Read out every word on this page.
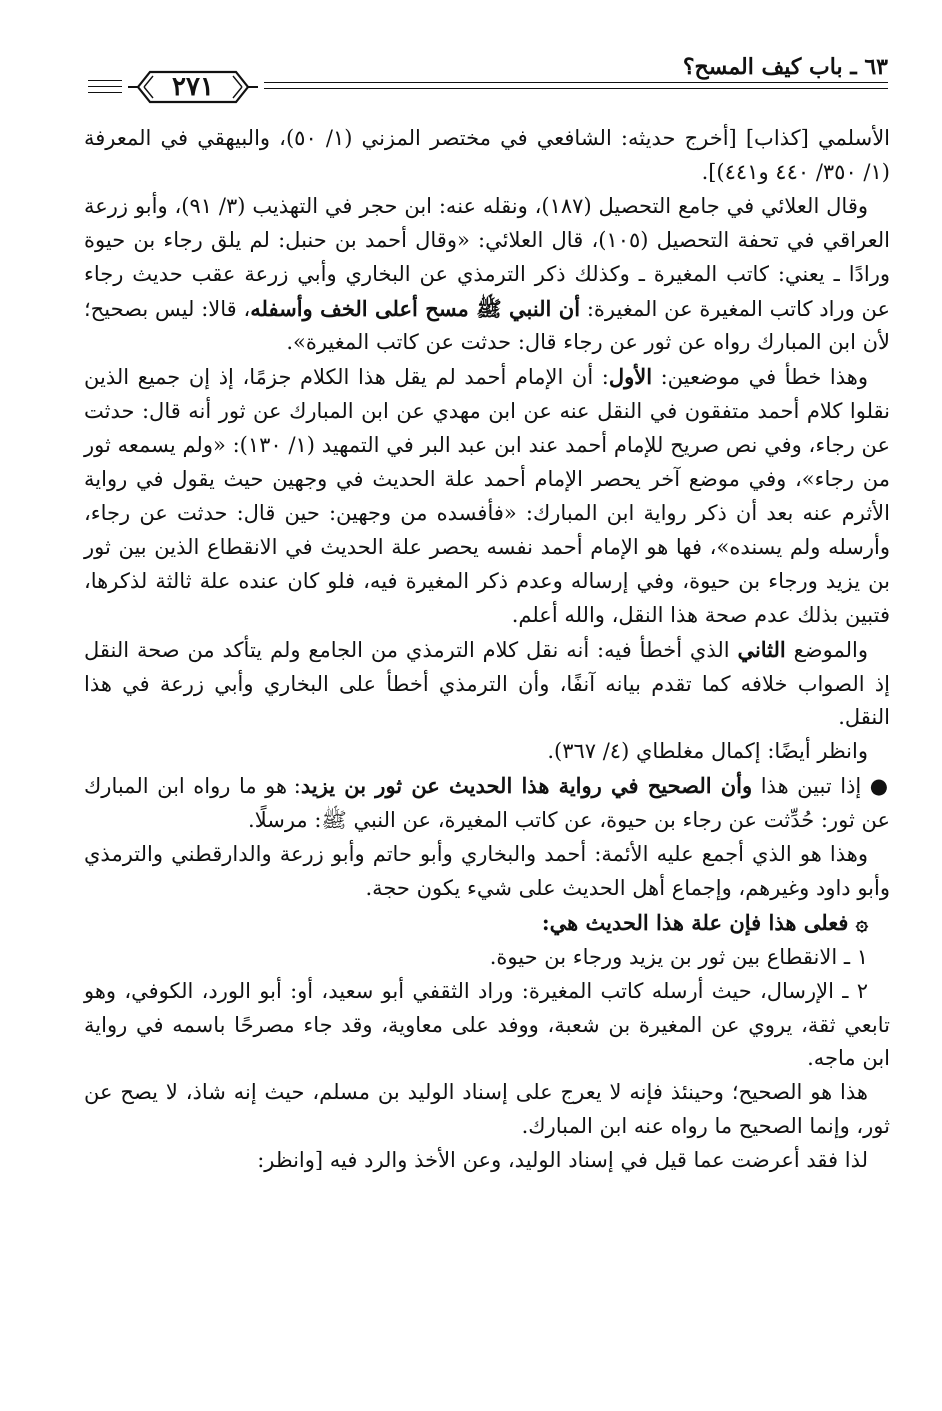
٦٣ ـ باب كيف المسح؟
٢٧١

الأسلمي [كذاب] [أخرج حديثه: الشافعي في مختصر المزني (١/ ٥٠)، والبيهقي في المعرفة (١/ ٣٥٠/ ٤٤٠ و٤٤١)].

وقال العلائي في جامع التحصيل (١٨٧)، ونقله عنه: ابن حجر في التهذيب (٣/ ٩١)، وأبو زرعة العراقي في تحفة التحصيل (١٠٥)، قال العلائي: «وقال أحمد بن حنبل: لم يلق رجاء بن حيوة ورادًا ـ يعني: كاتب المغيرة ـ وكذلك ذكر الترمذي عن البخاري وأبي زرعة عقب حديث رجاء عن وراد كاتب المغيرة عن المغيرة: أن النبي ﷺ مسح أعلى الخف وأسفله، قالا: ليس بصحيح؛ لأن ابن المبارك رواه عن ثور عن رجاء قال: حدثت عن كاتب المغيرة».

وهذا خطأ في موضعين: الأول: أن الإمام أحمد لم يقل هذا الكلام جزمًا، إذ إن جميع الذين نقلوا كلام أحمد متفقون في النقل عنه عن ابن مهدي عن ابن المبارك عن ثور أنه قال: حدثت عن رجاء، وفي نص صريح للإمام أحمد عند ابن عبد البر في التمهيد (١/ ١٣٠): «ولم يسمعه ثور من رجاء»، وفي موضع آخر يحصر الإمام أحمد علة الحديث في وجهين حيث يقول في رواية الأثرم عنه بعد أن ذكر رواية ابن المبارك: «فأفسده من وجهين: حين قال: حدثت عن رجاء، وأرسله ولم يسنده»، فها هو الإمام أحمد نفسه يحصر علة الحديث في الانقطاع الذين بين ثور بن يزيد ورجاء بن حيوة، وفي إرساله وعدم ذكر المغيرة فيه، فلو كان عنده علة ثالثة لذكرها، فتبين بذلك عدم صحة هذا النقل، والله أعلم.

والموضع الثاني الذي أخطأ فيه: أنه نقل كلام الترمذي من الجامع ولم يتأكد من صحة النقل إذ الصواب خلافه كما تقدم بيانه آنفًا، وأن الترمذي أخطأ على البخاري وأبي زرعة في هذا النقل.

وانظر أيضًا: إكمال مغلطاي (٤/ ٣٦٧).

● إذا تبين هذا وأن الصحيح في رواية هذا الحديث عن ثور بن يزيد: هو ما رواه ابن المبارك عن ثور: حُدِّثت عن رجاء بن حيوة، عن كاتب المغيرة، عن النبي ﷺ: مرسلًا.

وهذا هو الذي أجمع عليه الأئمة: أحمد والبخاري وأبو حاتم وأبو زرعة والدارقطني والترمذي وأبو داود وغيرهم، وإجماع أهل الحديث على شيء يكون حجة.

۞ فعلى هذا فإن علة هذا الحديث هي:

١ ـ الانقطاع بين ثور بن يزيد ورجاء بن حيوة.

٢ ـ الإرسال، حيث أرسله كاتب المغيرة: وراد الثقفي أبو سعيد، أو: أبو الورد، الكوفي، وهو تابعي ثقة، يروي عن المغيرة بن شعبة، ووفد على معاوية، وقد جاء مصرحًا باسمه في رواية ابن ماجه.

هذا هو الصحيح؛ وحينئذ فإنه لا يعرج على إسناد الوليد بن مسلم، حيث إنه شاذ، لا يصح عن ثور، وإنما الصحيح ما رواه عنه ابن المبارك.

لذا فقد أعرضت عما قيل في إسناد الوليد، وعن الأخذ والرد فيه [وانظر:
